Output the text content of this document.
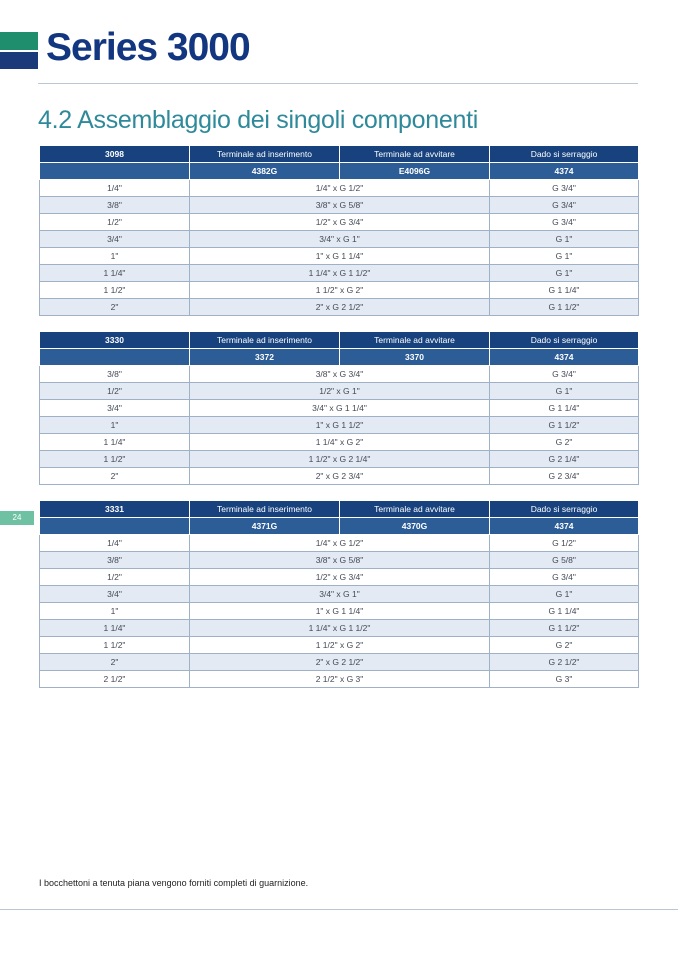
Series 3000
4.2 Assemblaggio dei singoli componenti
24
3098	Terminale ad inserimento	Terminale ad avvitare	Dado si serraggio
	4382G	E4096G	4374
1/4"	1/4" x G 1/2"		G 3/4"
3/8"	3/8" x G 5/8"		G 3/4"
1/2"	1/2" x G 3/4"		G 3/4"
3/4"	3/4" x G 1"		G 1"
1"	1" x G 1 1/4"		G 1"
1 1/4"	1 1/4" x G 1 1/2"		G 1"
1 1/2"	1 1/2" x G 2"		G 1 1/4"
2"	2" x G 2 1/2"		G 1 1/2"
3330	Terminale ad inserimento	Terminale ad avvitare	Dado si serraggio
	3372	3370	4374
3/8"	3/8" x G 3/4"		G 3/4"
1/2"	1/2" x G 1"		G 1"
3/4"	3/4" x G 1 1/4"		G 1 1/4"
1"	1" x G 1 1/2"		G 1 1/2"
1 1/4"	1 1/4" x G 2"		G 2"
1 1/2"	1 1/2" x G 2 1/4"		G 2 1/4"
2"	2" x G 2 3/4"		G 2 3/4"
3331	Terminale ad inserimento	Terminale ad avvitare	Dado si serraggio
	4371G	4370G	4374
1/4"	1/4" x G 1/2"		G 1/2"
3/8"	3/8" x G 5/8"		G 5/8"
1/2"	1/2" x G 3/4"		G 3/4"
3/4"	3/4" x G 1"		G 1"
1"	1" x G 1 1/4"		G 1 1/4"
1 1/4"	1 1/4" x G 1 1/2"		G 1 1/2"
1 1/2"	1 1/2" x G 2"		G 2"
2"	2" x G 2 1/2"		G 2 1/2"
2 1/2"	2 1/2" x G 3"		G 3"
I bocchettoni a tenuta piana vengono forniti completi di guarnizione.
